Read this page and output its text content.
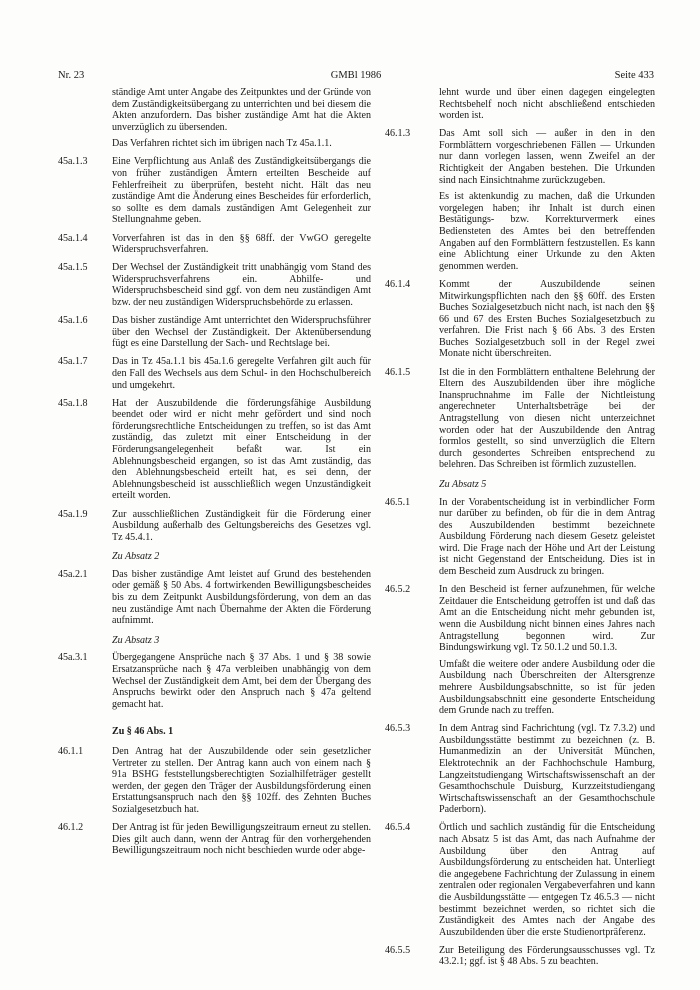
Nr. 23	GMBl 1986	Seite 433

ständige Amt unter Angabe des Zeitpunktes und der Gründe von dem Zuständigkeitsübergang zu unterrichten und bei diesem die Akten anzufordern. Das bisher zuständige Amt hat die Akten unverzüglich zu übersenden.

Das Verfahren richtet sich im übrigen nach Tz 45a.1.1.

45a.1.3	Eine Verpflichtung aus Anlaß des Zuständigkeitsübergangs die von früher zuständigen Ämtern erteilten Bescheide auf Fehlerfreiheit zu überprüfen, besteht nicht. Hält das neu zuständige Amt die Änderung eines Bescheides für erforderlich, so sollte es dem damals zuständigen Amt Gelegenheit zur Stellungnahme geben.

45a.1.4	Vorverfahren ist das in den §§ 68ff. der VwGO geregelte Widerspruchsverfahren.

45a.1.5	Der Wechsel der Zuständigkeit tritt unabhängig vom Stand des Widerspruchsverfahrens ein. Abhilfe- und Widerspruchsbescheid sind ggf. von dem neu zuständigen Amt bzw. der neu zuständigen Widerspruchsbehörde zu erlassen.

45a.1.6	Das bisher zuständige Amt unterrichtet den Widerspruchsführer über den Wechsel der Zuständigkeit. Der Aktenübersendung fügt es eine Darstellung der Sach- und Rechtslage bei.

45a.1.7	Das in Tz 45a.1.1 bis 45a.1.6 geregelte Verfahren gilt auch für den Fall des Wechsels aus dem Schul- in den Hochschulbereich und umgekehrt.

45a.1.8	Hat der Auszubildende die förderungsfähige Ausbildung beendet oder wird er nicht mehr gefördert und sind noch förderungsrechtliche Entscheidungen zu treffen, so ist das Amt zuständig, das zuletzt mit einer Entscheidung in der Förderungsangelegenheit befaßt war. Ist ein Ablehnungsbescheid ergangen, so ist das Amt zuständig, das den Ablehnungsbescheid erteilt hat, es sei denn, der Ablehnungsbescheid ist ausschließlich wegen Unzuständigkeit erteilt worden.

45a.1.9	Zur ausschließlichen Zuständigkeit für die Förderung einer Ausbildung außerhalb des Geltungsbereichs des Gesetzes vgl. Tz 45.4.1.

Zu Absatz 2
45a.2.1	Das bisher zuständige Amt leistet auf Grund des bestehenden oder gemäß § 50 Abs. 4 fortwirkenden Bewilligungsbescheides bis zu dem Zeitpunkt Ausbildungsförderung, von dem an das neu zuständige Amt nach Übernahme der Akten die Förderung aufnimmt.

Zu Absatz 3
45a.3.1	Übergegangene Ansprüche nach § 37 Abs. 1 und § 38 sowie Ersatzansprüche nach § 47a verbleiben unabhängig von dem Wechsel der Zuständigkeit dem Amt, bei dem der Übergang des Anspruchs bewirkt oder den Anspruch nach § 47a geltend gemacht hat.

Zu § 46 Abs. 1
46.1.1	Den Antrag hat der Auszubildende oder sein gesetzlicher Vertreter zu stellen. Der Antrag kann auch von einem nach § 91a BSHG feststellungsberechtigten Sozialhilfeträger gestellt werden, der gegen den Träger der Ausbildungsförderung einen Erstattungsanspruch nach den §§ 102ff. des Zehnten Buches Sozialgesetzbuch hat.

46.1.2	Der Antrag ist für jeden Bewilligungszeitraum erneut zu stellen. Dies gilt auch dann, wenn der Antrag für den vorhergehenden Bewilligungszeitraum noch nicht beschieden wurde oder abge-

lehnt wurde und über einen dagegen eingelegten Rechtsbehelf noch nicht abschließend entschieden worden ist.

46.1.3	Das Amt soll sich — außer in den in den Formblättern vorgeschriebenen Fällen — Urkunden nur dann vorlegen lassen, wenn Zweifel an der Richtigkeit der Angaben bestehen. Die Urkunden sind nach Einsichtnahme zurückzugeben.

Es ist aktenkundig zu machen, daß die Urkunden vorgelegen haben; ihr Inhalt ist durch einen Bestätigungs- bzw. Korrekturvermerk eines Bediensteten des Amtes bei den betreffenden Angaben auf den Formblättern festzustellen. Es kann eine Ablichtung einer Urkunde zu den Akten genommen werden.

46.1.4	Kommt der Auszubildende seinen Mitwirkungspflichten nach den §§ 60ff. des Ersten Buches Sozialgesetzbuch nicht nach, ist nach den §§ 66 und 67 des Ersten Buches Sozialgesetzbuch zu verfahren. Die Frist nach § 66 Abs. 3 des Ersten Buches Sozialgesetzbuch soll in der Regel zwei Monate nicht überschreiten.

46.1.5	Ist die in den Formblättern enthaltene Belehrung der Eltern des Auszubildenden über ihre mögliche Inanspruchnahme im Falle der Nichtleistung angerechneter Unterhaltsbeträge bei der Antragstellung von diesen nicht unterzeichnet worden oder hat der Auszubildende den Antrag formlos gestellt, so sind unverzüglich die Eltern durch gesondertes Schreiben entsprechend zu belehren. Das Schreiben ist förmlich zuzustellen.

Zu Absatz 5
46.5.1	In der Vorabentscheidung ist in verbindlicher Form nur darüber zu befinden, ob für die in dem Antrag des Auszubildenden bestimmt bezeichnete Ausbildung Förderung nach diesem Gesetz geleistet wird. Die Frage nach der Höhe und Art der Leistung ist nicht Gegenstand der Entscheidung. Dies ist in dem Bescheid zum Ausdruck zu bringen.

46.5.2	In den Bescheid ist ferner aufzunehmen, für welche Zeitdauer die Entscheidung getroffen ist und daß das Amt an die Entscheidung nicht mehr gebunden ist, wenn die Ausbildung nicht binnen eines Jahres nach Antragstellung begonnen wird. Zur Bindungswirkung vgl. Tz 50.1.2 und 50.1.3.

Umfaßt die weitere oder andere Ausbildung oder die Ausbildung nach Überschreiten der Altersgrenze mehrere Ausbildungsabschnitte, so ist für jeden Ausbildungsabschnitt eine gesonderte Entscheidung dem Grunde nach zu treffen.

46.5.3	In dem Antrag sind Fachrichtung (vgl. Tz 7.3.2) und Ausbildungsstätte bestimmt zu bezeichnen (z. B. Humanmedizin an der Universität München, Elektrotechnik an der Fachhochschule Hamburg, Langzeitstudiengang Wirtschaftswissenschaft an der Gesamthochschule Duisburg, Kurzzeitstudiengang Wirtschaftswissenschaft an der Gesamthochschule Paderborn).

46.5.4	Örtlich und sachlich zuständig für die Entscheidung nach Absatz 5 ist das Amt, das nach Aufnahme der Ausbildung über den Antrag auf Ausbildungsförderung zu entscheiden hat. Unterliegt die angegebene Fachrichtung der Zulassung in einem zentralen oder regionalen Vergabeverfahren und kann die Ausbildungsstätte — entgegen Tz 46.5.3 — nicht bestimmt bezeichnet werden, so richtet sich die Zuständigkeit des Amtes nach der Angabe des Auszubildenden über die erste Studienortpräferenz.

46.5.5	Zur Beteiligung des Förderungsausschusses vgl. Tz 43.2.1; ggf. ist § 48 Abs. 5 zu beachten.
